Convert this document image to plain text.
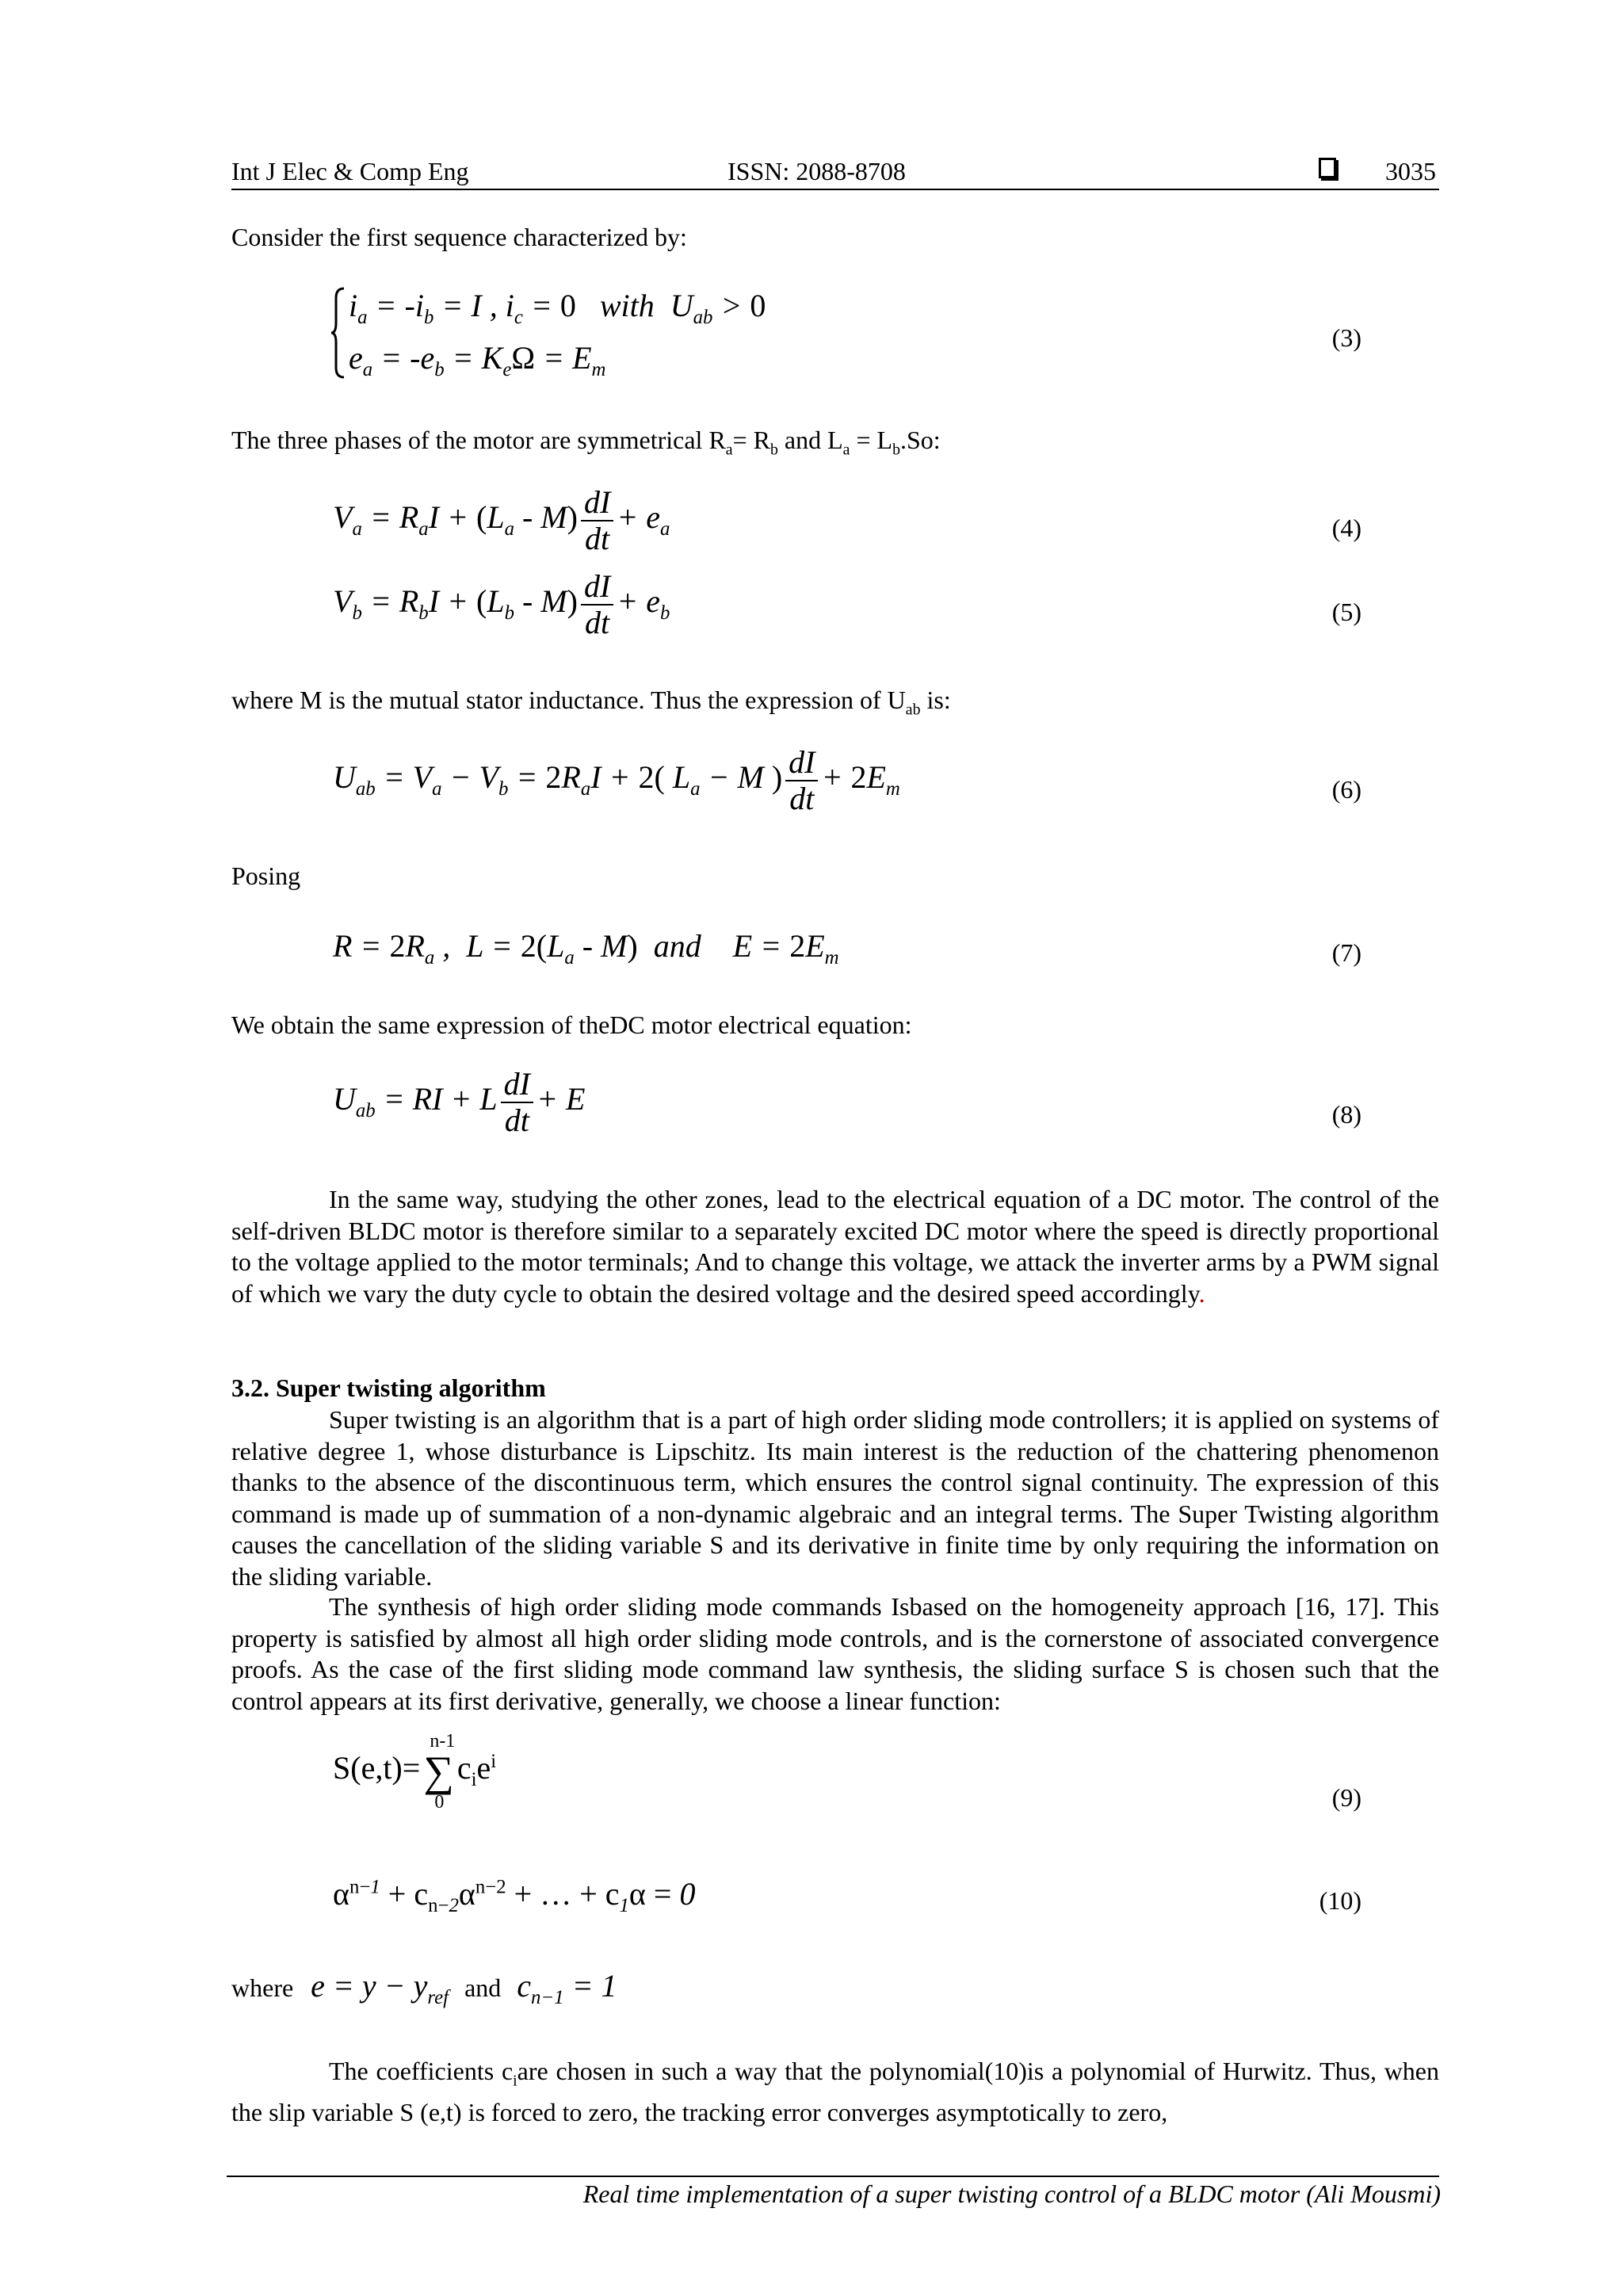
Int J Elec & Comp Eng	ISSN: 2088-8708	3035

Consider the first sequence characterized by:

$i_a = -i_b = I$ , $i_c = 0$   with  $U_{ab} > 0$
$e_a = -e_b = K_e\Omega = E_m$
(3)

The three phases of the motor are symmetrical $R_a= R_b$ and $L_a = L_b.So$:

$V_a = R_aI + (L_a - M) \frac{dI}{dt} + e_a$	(4)
$V_b = R_bI + (L_b - M) \frac{dI}{dt} + e_b$	(5)

where M is the mutual stator inductance. Thus the expression of $U_{ab}$ is:

$U_{ab} = V_a - V_b = 2R_aI + 2$( $L_a - M$ ) $\frac{dI}{dt} + 2E_m$	(6)

Posing

$R = 2R_a$ ,  $L = 2(L_a - M)$  and    $E = 2E_m$	(7)

We obtain the same expression of theDC motor electrical equation:

$U_{ab}$ = RI + L $\frac{dI}{dt} + E$	(8)

In the same way, studying the other zones, lead to the electrical equation of a DC motor. The control of the self-driven BLDC motor is therefore similar to a separately excited DC motor where the speed is directly proportional to the voltage applied to the motor terminals; And to change this voltage, we attack the inverter arms by a PWM signal of which we vary the duty cycle to obtain the desired voltage and the desired speed accordingly.

3.2. Super twisting algorithm

Super twisting is an algorithm that is a part of high order sliding mode controllers; it is applied on systems of relative degree 1, whose disturbance is Lipschitz. Its main interest is the reduction of the chattering phenomenon thanks to the absence of the discontinuous term, which ensures the control signal continuity. The expression of this command is made up of summation of a non-dynamic algebraic and an integral terms. The Super Twisting algorithm causes the cancellation of the sliding variable S and its derivative in finite time by only requiring the information on the sliding variable.

The synthesis of high order sliding mode commands Isbased on the homogeneity approach [16, 17]. This property is satisfied by almost all high order sliding mode controls, and is the cornerstone of associated convergence proofs. As the case of the first sliding mode command law synthesis, the sliding surface S is chosen such that the control appears at its first derivative, generally, we choose a linear function:

S(e,t)=∑
n-1
0
$c_ie^i$
(9)
$\alpha^{n-1} + c_{n-2}\alpha^{n-2}$ + … + $c_1\alpha = 0$	(10)
where $e = y - y_{ref}$ and $c_{n-1} = 1$

The coefficients $c_iare$ chosen in such a way that the polynomial(10)is a polynomial of Hurwitz. Thus, when the slip variable S (e,t) is forced to zero, the tracking error converges asymptotically to zero,

Real time implementation of a super twisting control of a BLDC motor (Ali Mousmi)
